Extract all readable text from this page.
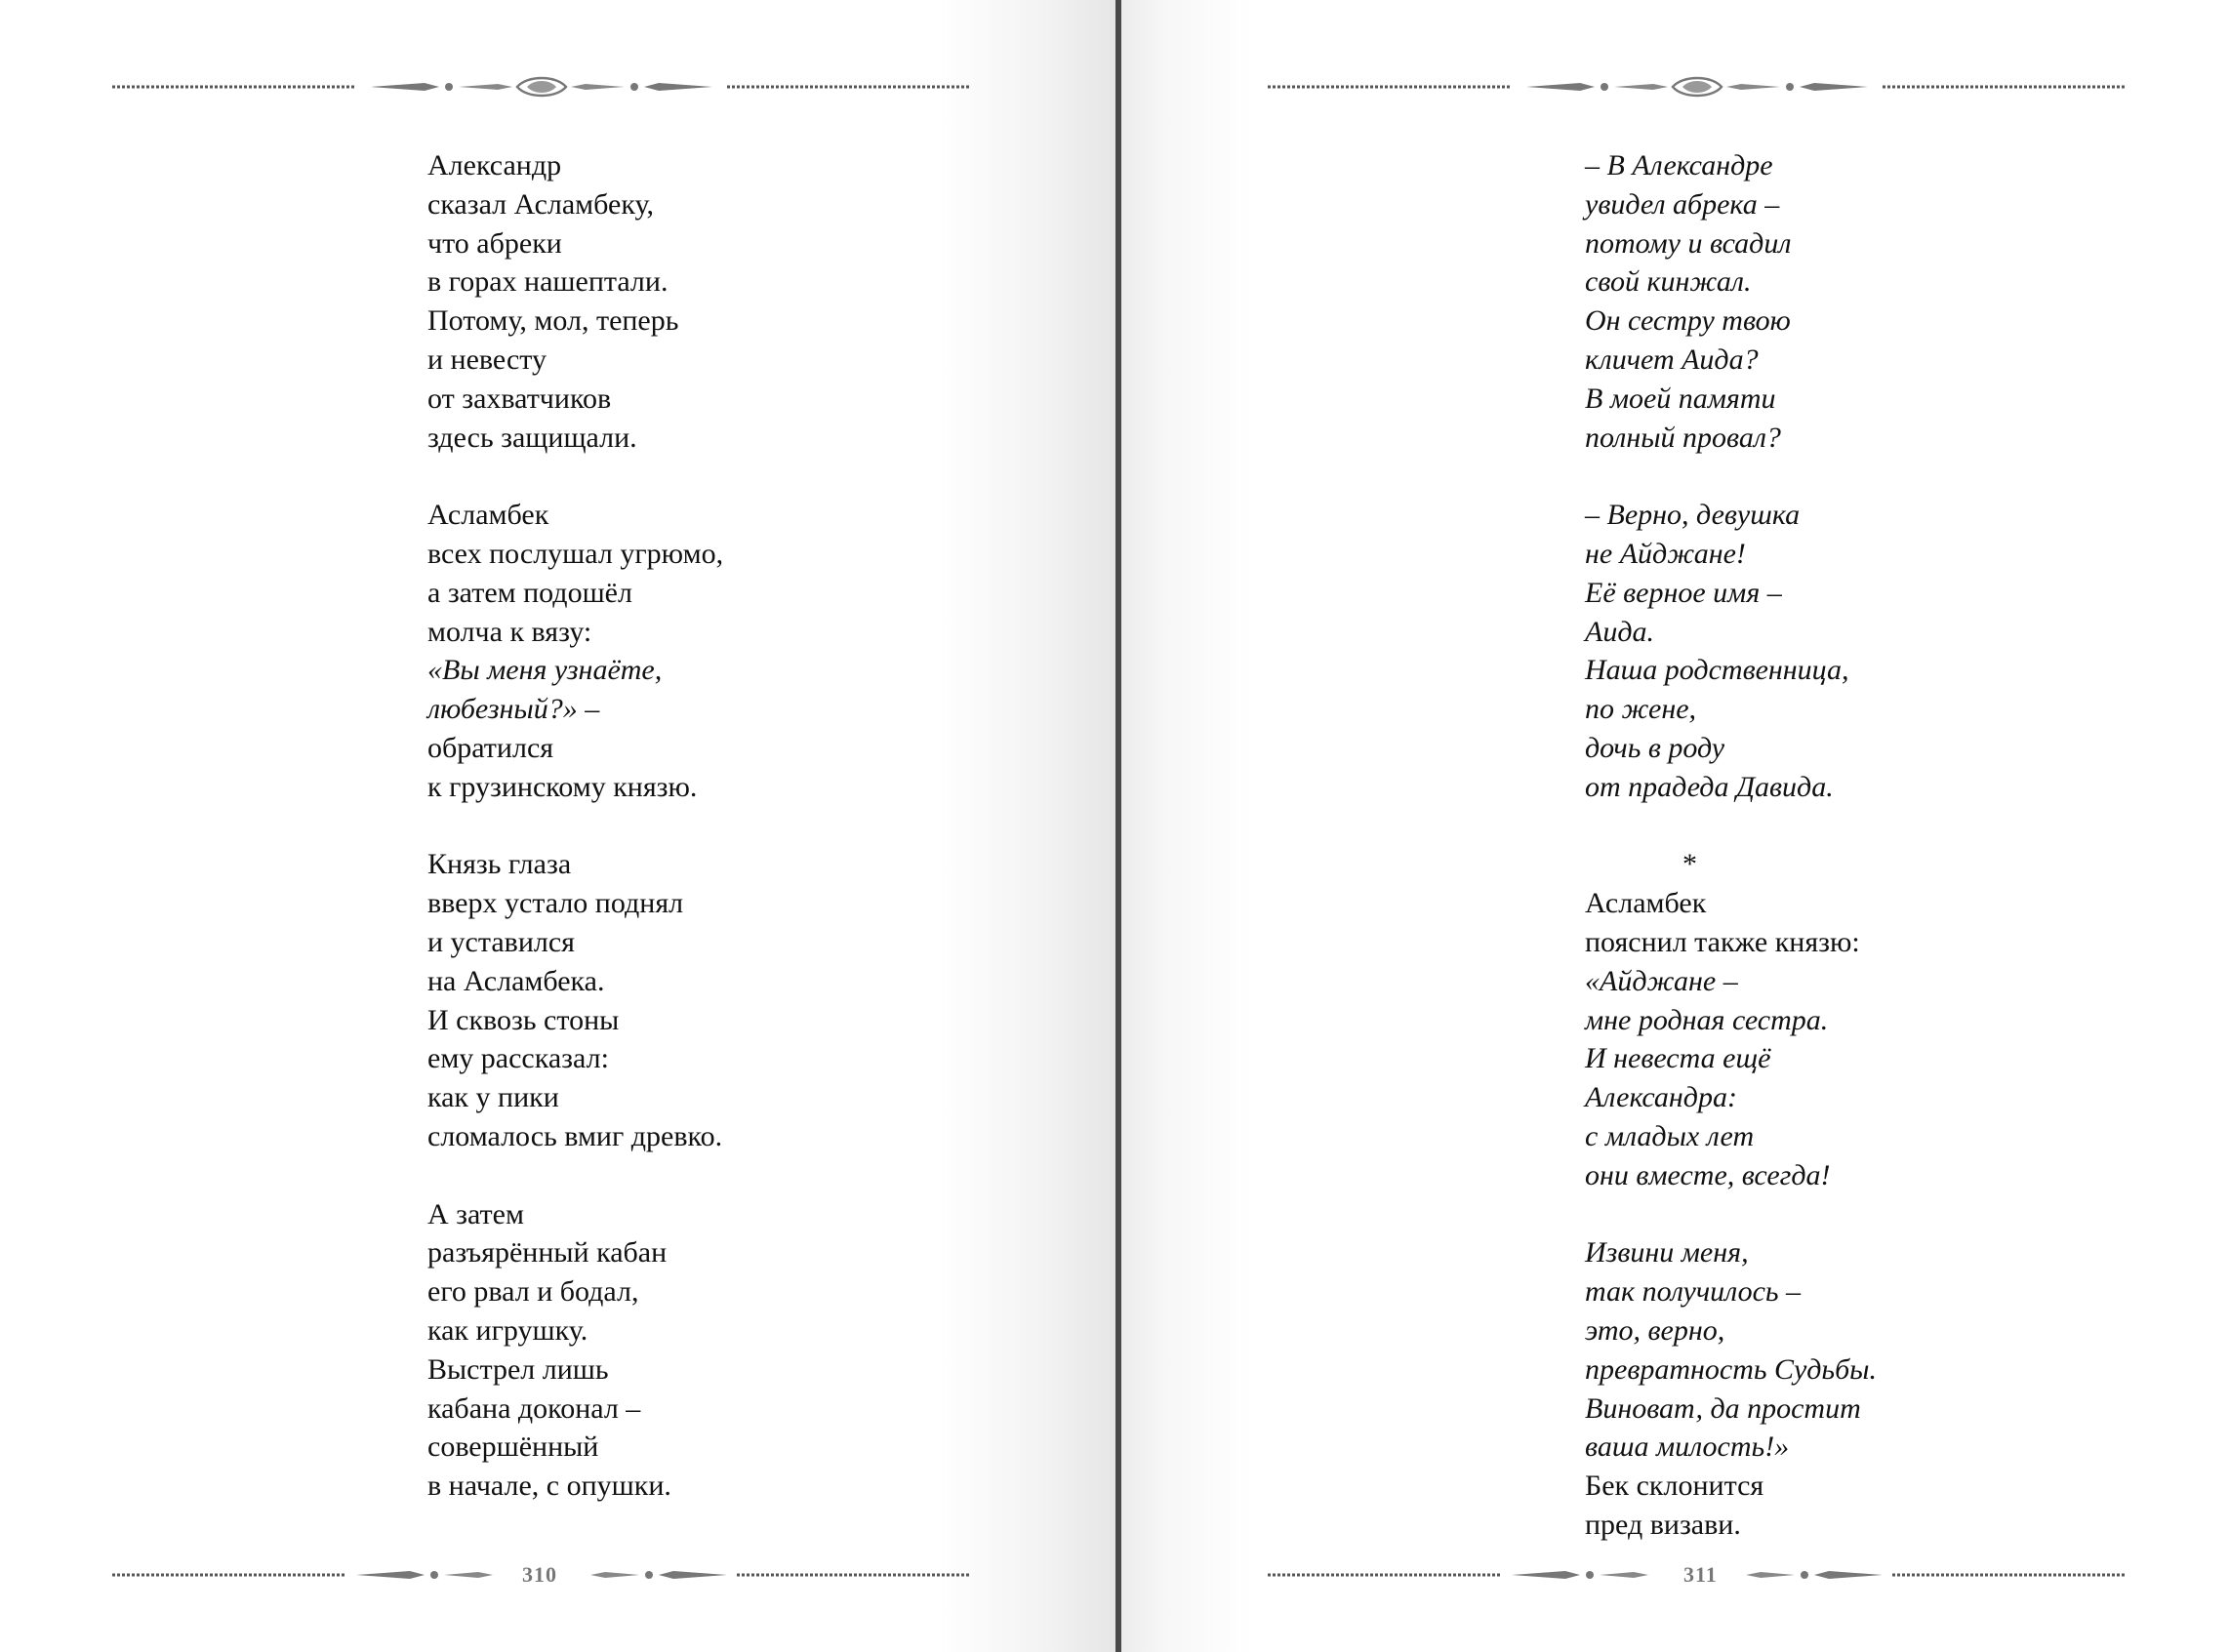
Александр
сказал Асламбеку,
что абреки
в горах нашептали.
Потому, мол, теперь
и невесту
от захватчиков
здесь защищали.

Асламбек
всех послушал угрюмо,
а затем подошёл
молча к вязу:
«Вы меня узнаёте,
любезный?» –
обратился
к грузинскому князю.

Князь глаза
вверх устало поднял
и уставился
на Асламбека.
И сквозь стоны
ему рассказал:
как у пики
сломалось вмиг древко.

А затем
разъярённый кабан
его рвал и бодал,
как игрушку.
Выстрел лишь
кабана доконал –
совершённый
в начале, с опушки.
310
– В Александре
увидел абрека –
потому и всадил
свой кинжал.
Он сестру твою
кличет Аида?
В моей памяти
полный провал?

– Верно, девушка
не Айджане!
Её верное имя –
Аида.
Наша родственница,
по жене,
дочь в роду
от прадеда Давида.

*
Асламбек
пояснил также князю:
«Айджане –
мне родная сестра.
И невеста ещё
Александра:
с младых лет
они вместе, всегда!

Извини меня,
так получилось –
это, верно,
превратность Судьбы.
Виноват, да простит
ваша милость!»
Бек склонится
пред визави.
311
